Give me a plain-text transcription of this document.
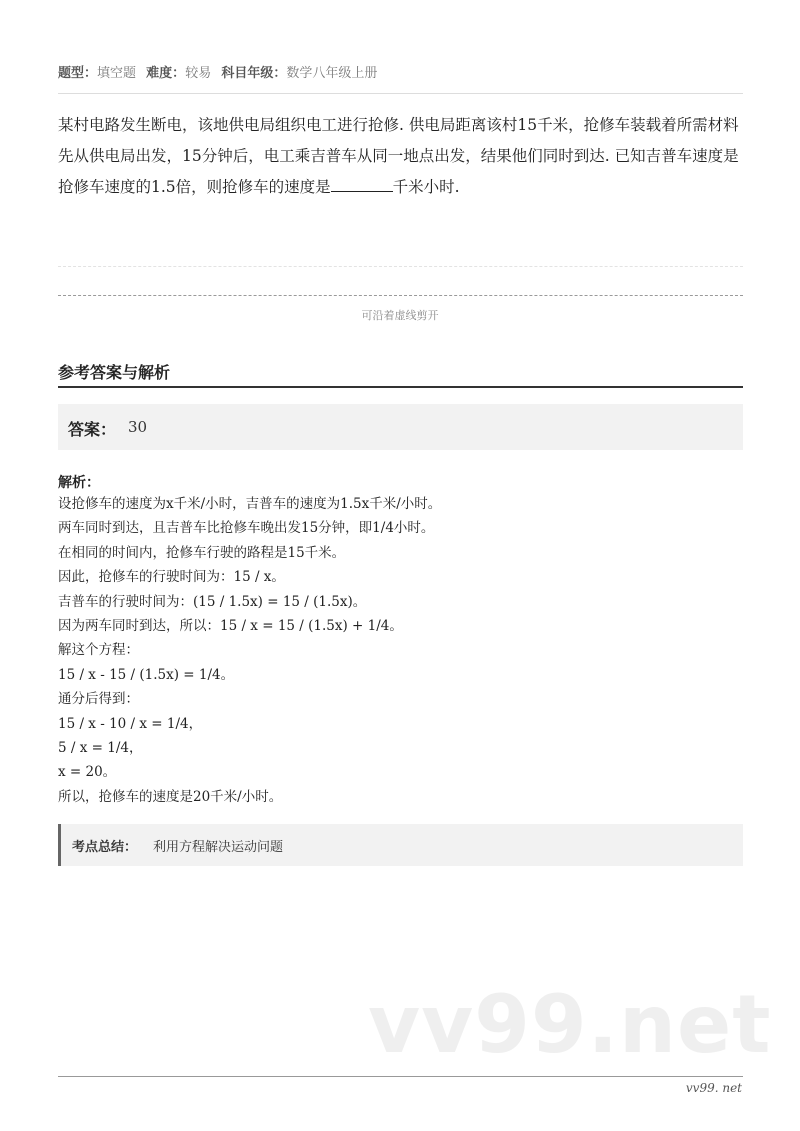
题型：填空题 难度：较易 科目年级：数学八年级上册
某村电路发生断电，该地供电局组织电工进行抢修. 供电局距离该村15千米，抢修车装载着所需材料先从供电局出发，15分钟后，电工乘吉普车从同一地点出发，结果他们同时到达. 已知吉普车速度是抢修车速度的1.5倍，则抢修车的速度是	千米小时.
可沿着虚线剪开
参考答案与解析
答案： 30
解析：
设抢修车的速度为x千米/小时，吉普车的速度为1.5x千米/小时。
两车同时到达，且吉普车比抢修车晚出发15分钟，即1/4小时。
在相同的时间内，抢修车行驶的路程是15千米。
因此，抢修车的行驶时间为：15 / x。
吉普车的行驶时间为：(15 / 1.5x) = 15 / (1.5x)。
因为两车同时到达，所以：15 / x = 15 / (1.5x) + 1/4。
解这个方程：
15 / x - 15 / (1.5x) = 1/4。
通分后得到：
15 / x - 10 / x = 1/4，
5 / x = 1/4，
x = 20。
所以，抢修车的速度是20千米/小时。
考点总结： 利用方程解决运动问题
vv99.net
vv99. net
